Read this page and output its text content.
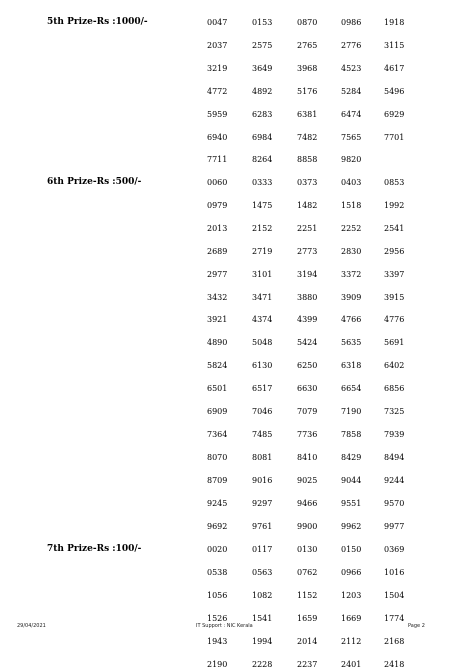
5th Prize-Rs :1000/-	0047	0153	0870	0986	1918
2037	2575	2765	2776	3115
3219	3649	3968	4523	4617
4772	4892	5176	5284	5496
5959	6283	6381	6474	6929
6940	6984	7482	7565	7701
7711	8264	8858	9820
6th Prize-Rs :500/-	0060	0333	0373	0403	0853
0979	1475	1482	1518	1992
2013	2152	2251	2252	2541
2689	2719	2773	2830	2956
2977	3101	3194	3372	3397
3432	3471	3880	3909	3915
3921	4374	4399	4766	4776
4890	5048	5424	5635	5691
5824	6130	6250	6318	6402
6501	6517	6630	6654	6856
6909	7046	7079	7190	7325
7364	7485	7736	7858	7939
8070	8081	8410	8429	8494
8709	9016	9025	9044	9244
9245	9297	9466	9551	9570
9692	9761	9900	9962	9977
7th Prize-Rs :100/-	0020	0117	0130	0150	0369
0538	0563	0762	0966	1016
1056	1082	1152	1203	1504
1526	1541	1659	1669	1774
1943	1994	2014	2112	2168
2190	2228	2237	2401	2418
29/04/2021	IT Support : NIC Kerala	Page 2
